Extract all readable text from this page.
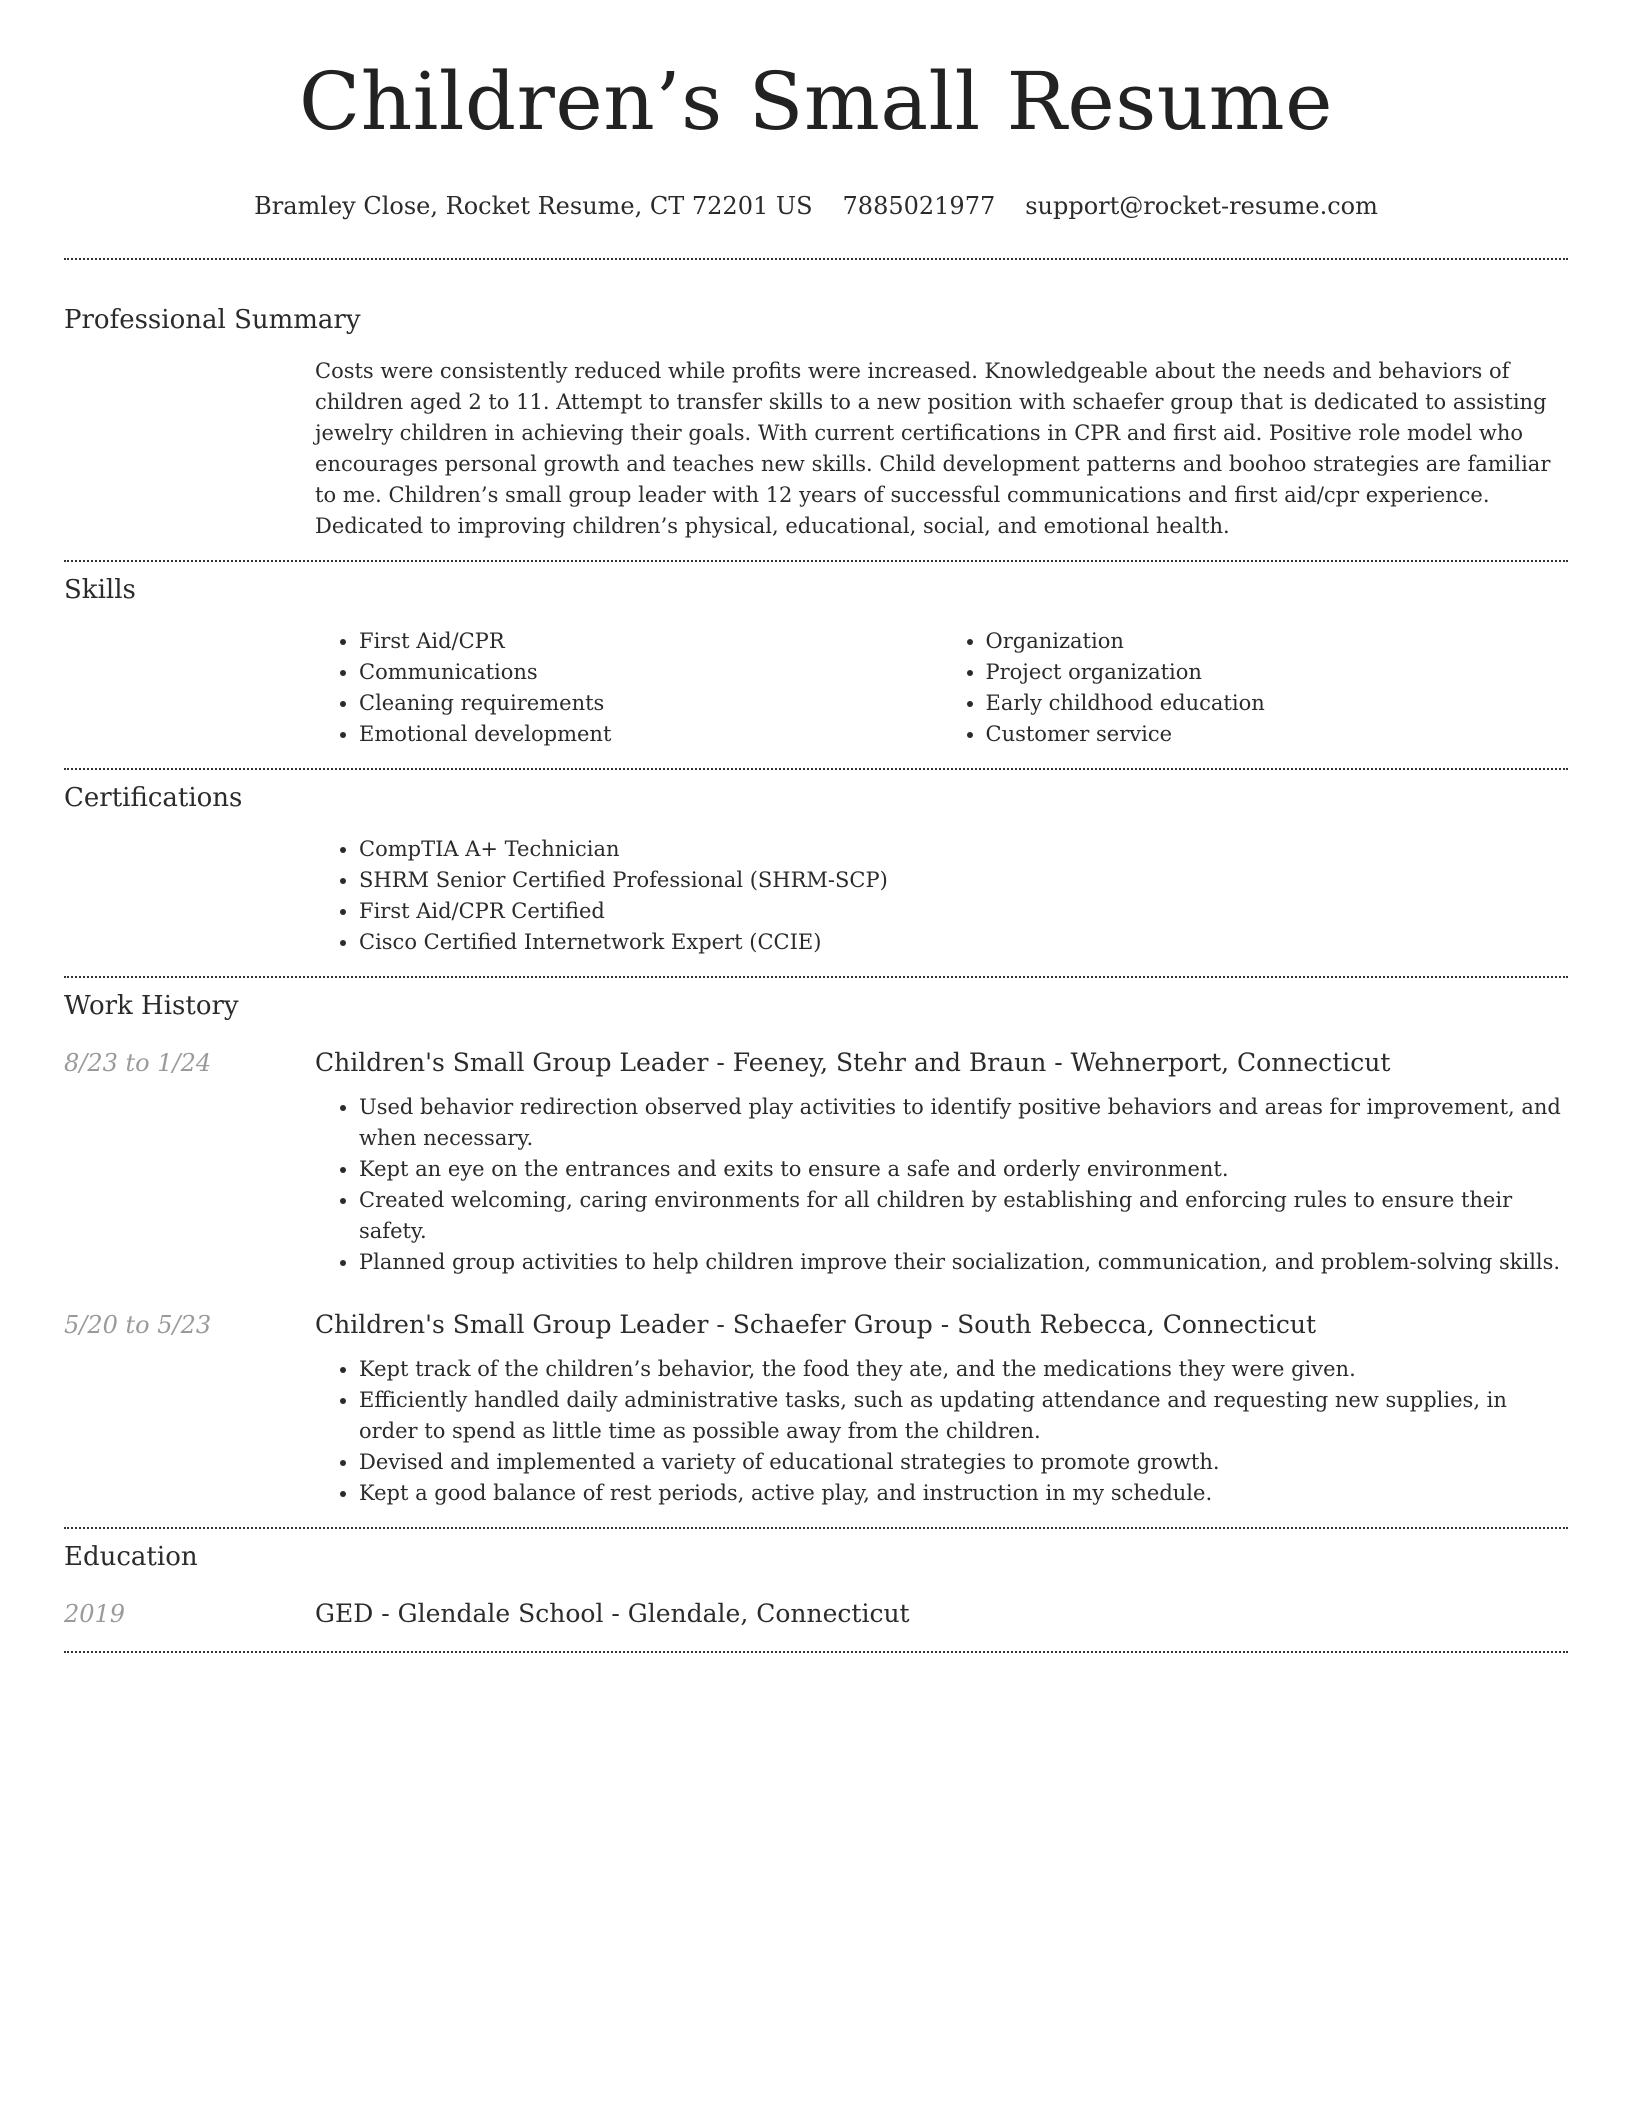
Children’s Small Resume
Bramley Close, Rocket Resume, CT 72201 US 7885021977 support@rocket-resume.com
Professional Summary

Costs were consistently reduced while profits were increased. Knowledgeable about the needs and behaviors of children aged 2 to 11. Attempt to transfer skills to a new position with schaefer group that is dedicated to assisting jewelry children in achieving their goals. With current certifications in CPR and first aid. Positive role model who encourages personal growth and teaches new skills. Child development patterns and boohoo strategies are familiar to me. Children’s small group leader with 12 years of successful communications and first aid/cpr experience. Dedicated to improving children’s physical, educational, social, and emotional health.

Skills
• First Aid/CPR
• Communications
• Cleaning requirements
• Emotional development
• Organization
• Project organization
• Early childhood education
• Customer service
Certifications
• CompTIA A+ Technician
• SHRM Senior Certified Professional (SHRM-SCP)
• First Aid/CPR Certified
• Cisco Certified Internetwork Expert (CCIE)
Work History
8/23 to 1/24	Children's Small Group Leader - Feeney, Stehr and Braun - Wehnerport, Connecticut
• Used behavior redirection observed play activities to identify positive behaviors and areas for improvement, and when necessary.
• Kept an eye on the entrances and exits to ensure a safe and orderly environment.
• Created welcoming, caring environments for all children by establishing and enforcing rules to ensure their safety.
• Planned group activities to help children improve their socialization, communication, and problem-solving skills.
5/20 to 5/23	Children's Small Group Leader - Schaefer Group - South Rebecca, Connecticut
• Kept track of the children’s behavior, the food they ate, and the medications they were given.
• Efficiently handled daily administrative tasks, such as updating attendance and requesting new supplies, in order to spend as little time as possible away from the children.
• Devised and implemented a variety of educational strategies to promote growth.
• Kept a good balance of rest periods, active play, and instruction in my schedule.
Education
2019	GED - Glendale School - Glendale, Connecticut
